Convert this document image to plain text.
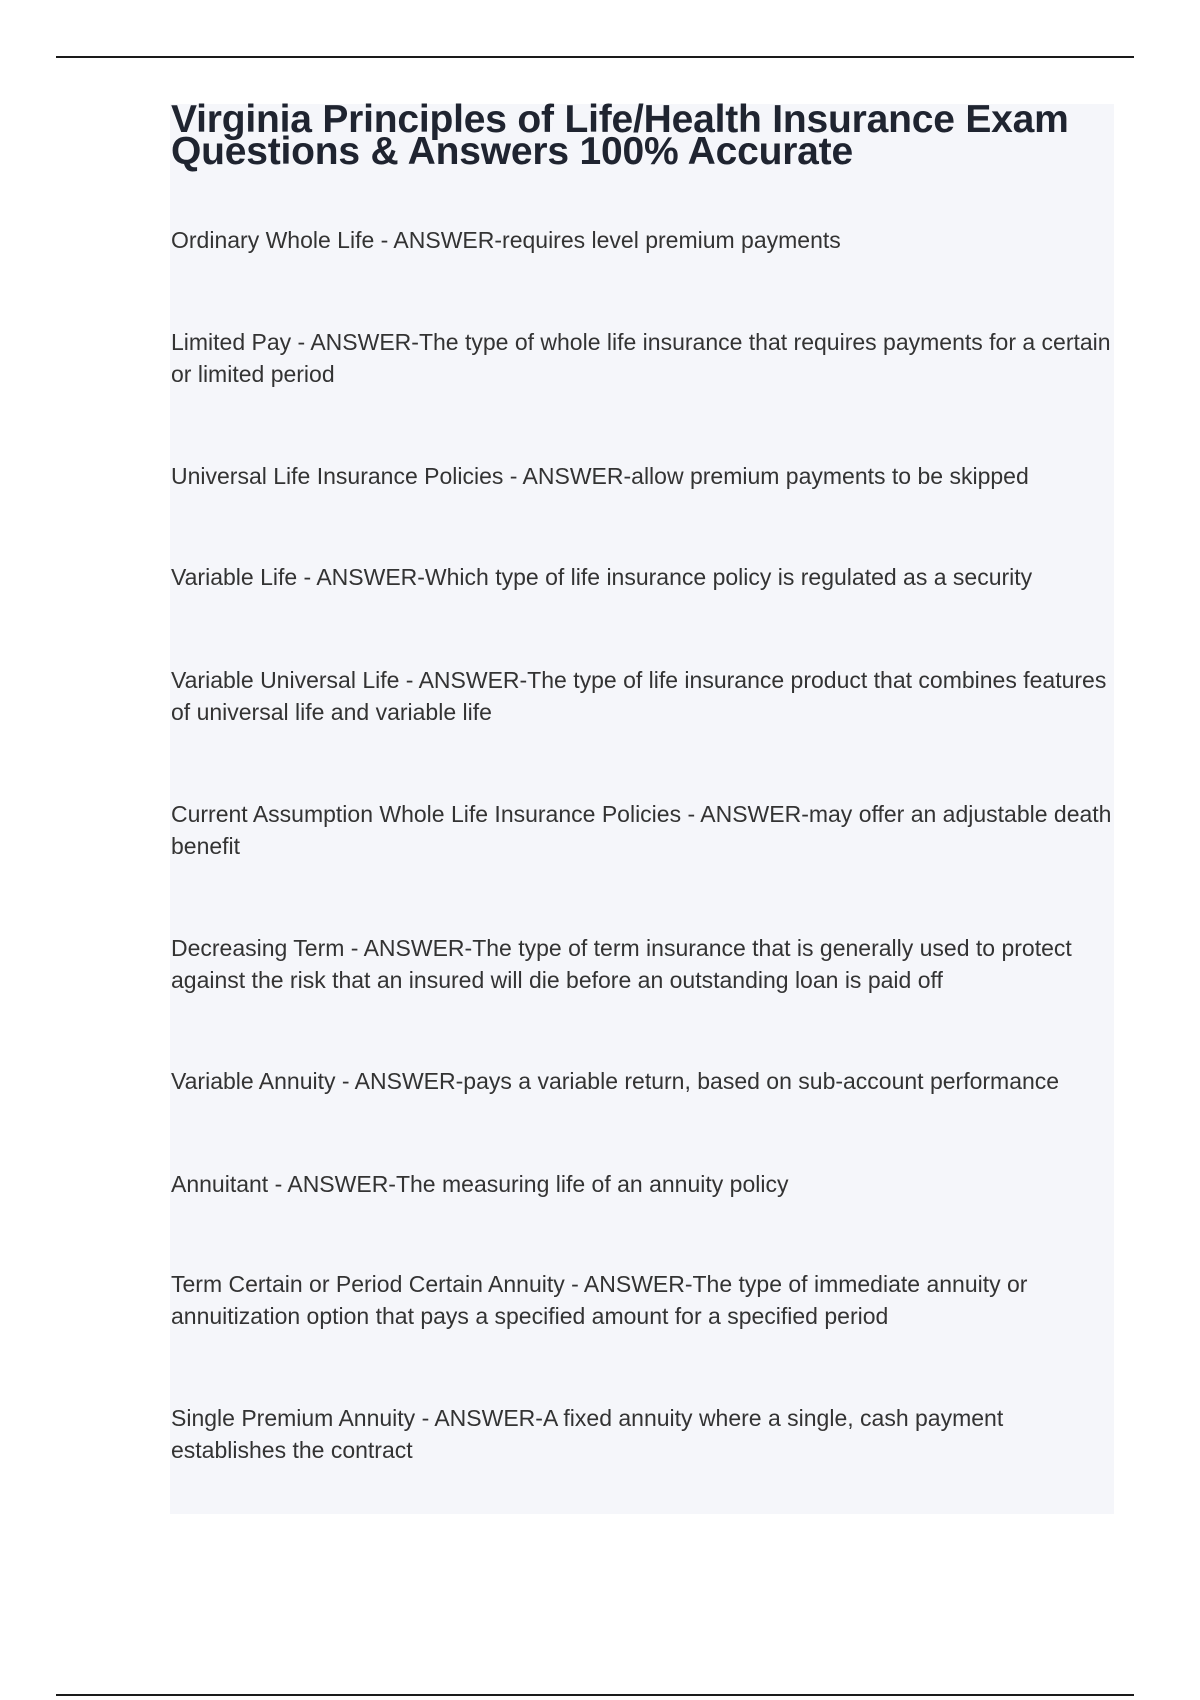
Virginia Principles of Life/Health Insurance Exam Questions & Answers 100% Accurate

Ordinary Whole Life - ANSWER-requires level premium payments

Limited Pay - ANSWER-The type of whole life insurance that requires payments for a certain or limited period

Universal Life Insurance Policies - ANSWER-allow premium payments to be skipped

Variable Life - ANSWER-Which type of life insurance policy is regulated as a security

Variable Universal Life - ANSWER-The type of life insurance product that combines features of universal life and variable life

Current Assumption Whole Life Insurance Policies - ANSWER-may offer an adjustable death benefit

Decreasing Term - ANSWER-The type of term insurance that is generally used to protect against the risk that an insured will die before an outstanding loan is paid off

Variable Annuity - ANSWER-pays a variable return, based on sub-account performance

Annuitant - ANSWER-The measuring life of an annuity policy

Term Certain or Period Certain Annuity - ANSWER-The type of immediate annuity or annuitization option that pays a specified amount for a specified period

Single Premium Annuity - ANSWER-A fixed annuity where a single, cash payment establishes the contract
